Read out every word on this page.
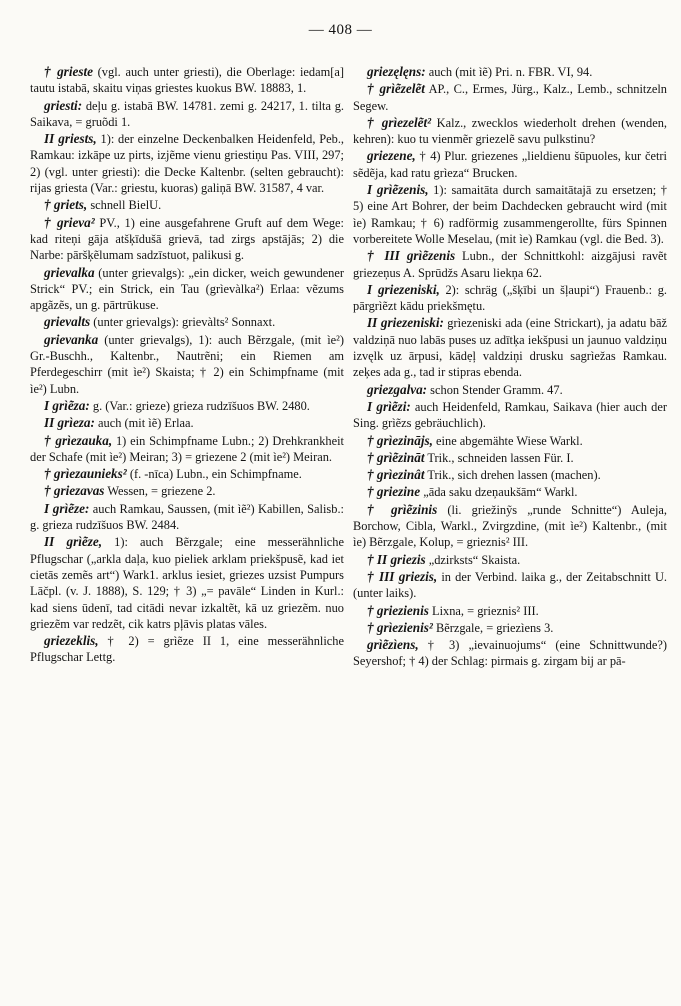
— 408 —

† grieste (vgl. auch unter griesti), die Oberlage: iedam[a] tautu istabā, skaitu viņas griestes kuokus BW. 18883, 1.

griesti: deļu g. istabā BW. 14781. zemi g. 24217, 1. tilta g. Saikava, = gruõdi 1.

II griests, 1): der einzelne Deckenbalken Heidenfeld, Peb., Ramkau: izkāpe uz pirts, izjẽme vienu griestiņu Pas. VIII, 297; 2) (vgl. unter griesti): die Decke Kaltenbr. (selten gebraucht): rijas griesta (Var.: griestu, kuoras) galiņā BW. 31587, 4 var.

† griets, schnell BielU.

† grieva² PV., 1) eine ausgefahrene Gruft auf dem Wege: kad riteņi gāja atšķīdušā grievā, tad zirgs apstājās; 2) die Narbe: pāršķẽlumam sadzīstuot, palikusi g.

grievalka (unter grievalgs): „ein dicker, weich gewundener Strick“ PV.; ein Strick, ein Tau (grìevàlka²) Erlaa: vẽzums apgãzẽs, un g. pārtrūkuse.

grievalts (unter grievalgs): grievàlts² Sonnaxt.

grievanka (unter grievalgs), 1): auch Bẽrzgale, (mit ìe²) Gr.-Buschh., Kaltenbr., Nautrẽni; ein Riemen am Pferdegeschirr (mit ìe²) Skaista; † 2) ein Schimpfname (mit ìe²) Lubn.

I grìẽza: g. (Var.: grieze) grieza rudzīšuos BW. 2480.

II grìeza: auch (mit ìẽ) Erlaa.

† grìezauka, 1) ein Schimpfname Lubn.; 2) Drehkrankheit der Schafe (mit ìe²) Meiran; 3) = griezene 2 (mit ìe²) Meiran.

† grìezaunieks² (f. -nīca) Lubn., ein Schimpfname.

† griezavas Wessen, = griezene 2.

I grìẽze: auch Ramkau, Saussen, (mit ìẽ²) Kabillen, Salisb.: g. grieza rudzīšuos BW. 2484.

II grìẽze, 1): auch Bẽrzgale; eine messerähnliche Pflugschar („arkla daļa, kuo pieliek arklam priekšpusẽ, kad iet cietās zemẽs art“) Wark1. arklus iesiet, griezes uzsist Pumpurs Lāčpl. (v. J. 1888), S. 129; † 3) „= pavāle“ Linden in Kurl.: kad siens ūdenī, tad citādi nevar izkaltẽt, kā uz griezẽm. nuo griezẽm var redzẽt, cik katrs pļāvis platas vāles.

griezeklis, † 2) = grìẽze II 1, eine messerähnliche Pflugschar Lettg.

griezęlęns: auch (mit ìẽ) Pri. n. FBR. VI, 94.

† grìẽzelẽt AP., C., Ermes, Jürg., Kalz., Lemb., schnitzeln Segew.

† grìezelẽt² Kalz., zwecklos wiederholt drehen (wenden, kehren): kuo tu vienmẽr griezelẽ savu pulkstinu?

griezene, † 4) Plur. griezenes „lieldienu šūpuoles, kur četri sẽdẽja, kad ratu grìeza“ Brucken.

I grìẽzenis, 1): samaitāta durch samaitātajā zu ersetzen; † 5) eine Art Bohrer, der beim Dachdecken gebraucht wird (mit ìe) Ramkau; † 6) radförmig zusammengerollte, fürs Spinnen vorbereitete Wolle Meselau, (mit ìe) Ramkau (vgl. die Bed. 3).

† III grìẽzenis Lubn., der Schnittkohl: aizgājusi ravẽt griezeņus A. Sprūdžs Asaru liekņa 62.

I griezeniski, 2): schräg („šķībi un šļaupi“) Frauenb.: g. pārgrìẽzt kādu priekšmętu.

II griezeniski: grìezeniski ada (eine Strickart), ja adatu bāž valdziņā nuo labās puses uz adītķa iekšpusi un jaunuo valdziņu izvęlk uz ārpusi, kādẹļ valdziņi drusku sagrìežas Ramkau. zeķes ada g., tad ir stipras ebenda.

griezgalva: schon Stender Gramm. 47.

I grìẽzi: auch Heidenfeld, Ramkau, Saikava (hier auch der Sing. grìẽzs gebräuchlich).

† grìezinājs, eine abgemähte Wiese Warkl.

† grìẽzināt Trik., schneiden lassen Für. I.

† grìezinât Trik., sich drehen lassen (machen).

† griezine „āda saku dzeņaukšām“ Warkl.

† grìẽzinis (li. griežinỹs „runde Schnitte“) Auleja, Borchow, Cibla, Warkl., Zvirgzdine, (mit ìe²) Kaltenbr., (mit ìe) Bẽrzgale, Kolup, = grieznis² III.

† II griezis „dzirksts“ Skaista.

† III griezis, in der Verbind. laika g., der Zeitabschnitt U. (unter laiks).

† griezienis Lixna, = grieznis² III.

† grìezienis² Bẽrzgale, = griezìens 3.

grìẽzìens, † 3) „ievainuojums“ (eine Schnittwunde?) Seyershof; † 4) der Schlag: pirmais g. zirgam bij ar pā-
